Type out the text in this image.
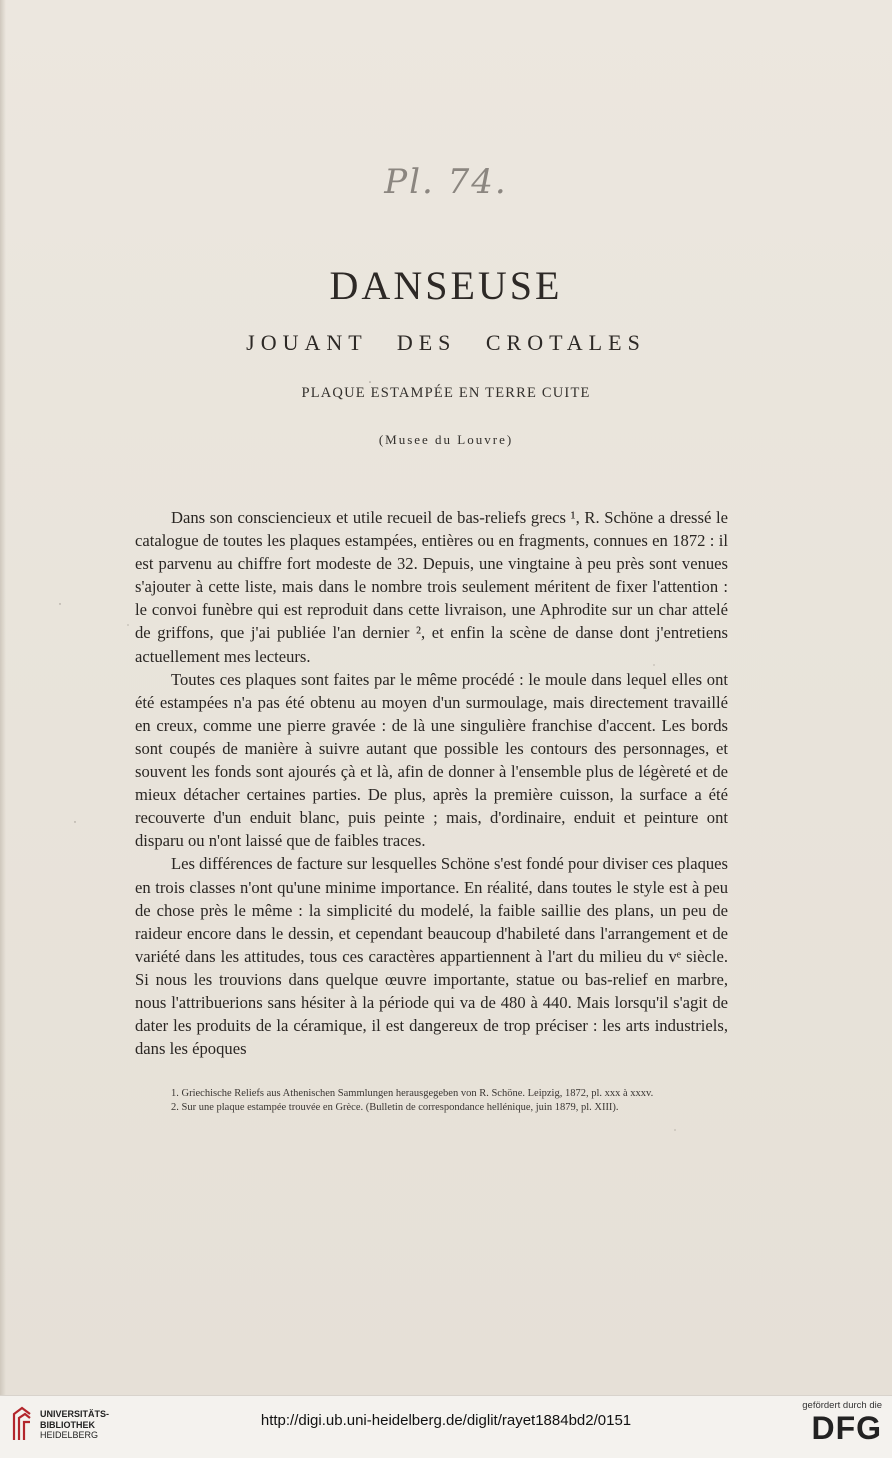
Pl. 74.
DANSEUSE
JOUANT DES CROTALES
PLAQUE ESTAMPÉE EN TERRE CUITE
(Musee du Louvre)

Dans son consciencieux et utile recueil de bas-reliefs grecs ¹, R. Schöne a dressé le catalogue de toutes les plaques estampées, entières ou en fragments, connues en 1872 : il est parvenu au chiffre fort modeste de 32. Depuis, une vingtaine à peu près sont venues s'ajouter à cette liste, mais dans le nombre trois seulement méritent de fixer l'attention : le convoi funèbre qui est reproduit dans cette livraison, une Aphrodite sur un char attelé de griffons, que j'ai publiée l'an dernier ², et enfin la scène de danse dont j'entretiens actuellement mes lecteurs.

Toutes ces plaques sont faites par le même procédé : le moule dans lequel elles ont été estampées n'a pas été obtenu au moyen d'un surmoulage, mais directement travaillé en creux, comme une pierre gravée : de là une singulière franchise d'accent. Les bords sont coupés de manière à suivre autant que possible les contours des personnages, et souvent les fonds sont ajourés çà et là, afin de donner à l'ensemble plus de légèreté et de mieux détacher certaines parties. De plus, après la première cuisson, la surface a été recouverte d'un enduit blanc, puis peinte ; mais, d'ordinaire, enduit et peinture ont disparu ou n'ont laissé que de faibles traces.

Les différences de facture sur lesquelles Schöne s'est fondé pour diviser ces plaques en trois classes n'ont qu'une minime importance. En réalité, dans toutes le style est à peu de chose près le même : la simplicité du modelé, la faible saillie des plans, un peu de raideur encore dans le dessin, et cependant beaucoup d'habileté dans l'arrangement et de variété dans les attitudes, tous ces caractères appartiennent à l'art du milieu du vᵉ siècle. Si nous les trouvions dans quelque œuvre importante, statue ou bas-relief en marbre, nous l'attribuerions sans hésiter à la période qui va de 480 à 440. Mais lorsqu'il s'agit de dater les produits de la céramique, il est dangereux de trop préciser : les arts industriels, dans les époques

1. Griechische Reliefs aus Athenischen Sammlungen herausgegeben von R. Schöne. Leipzig, 1872, pl. xxx à xxxv.
2. Sur une plaque estampée trouvée en Grèce. (Bulletin de correspondance hellénique, juin 1879, pl. XIII).
UNIVERSITÄTS-
BIBLIOTHEK
HEIDELBERG
http://digi.ub.uni-heidelberg.de/diglit/rayet1884bd2/0151
gefördert durch die
DFG
